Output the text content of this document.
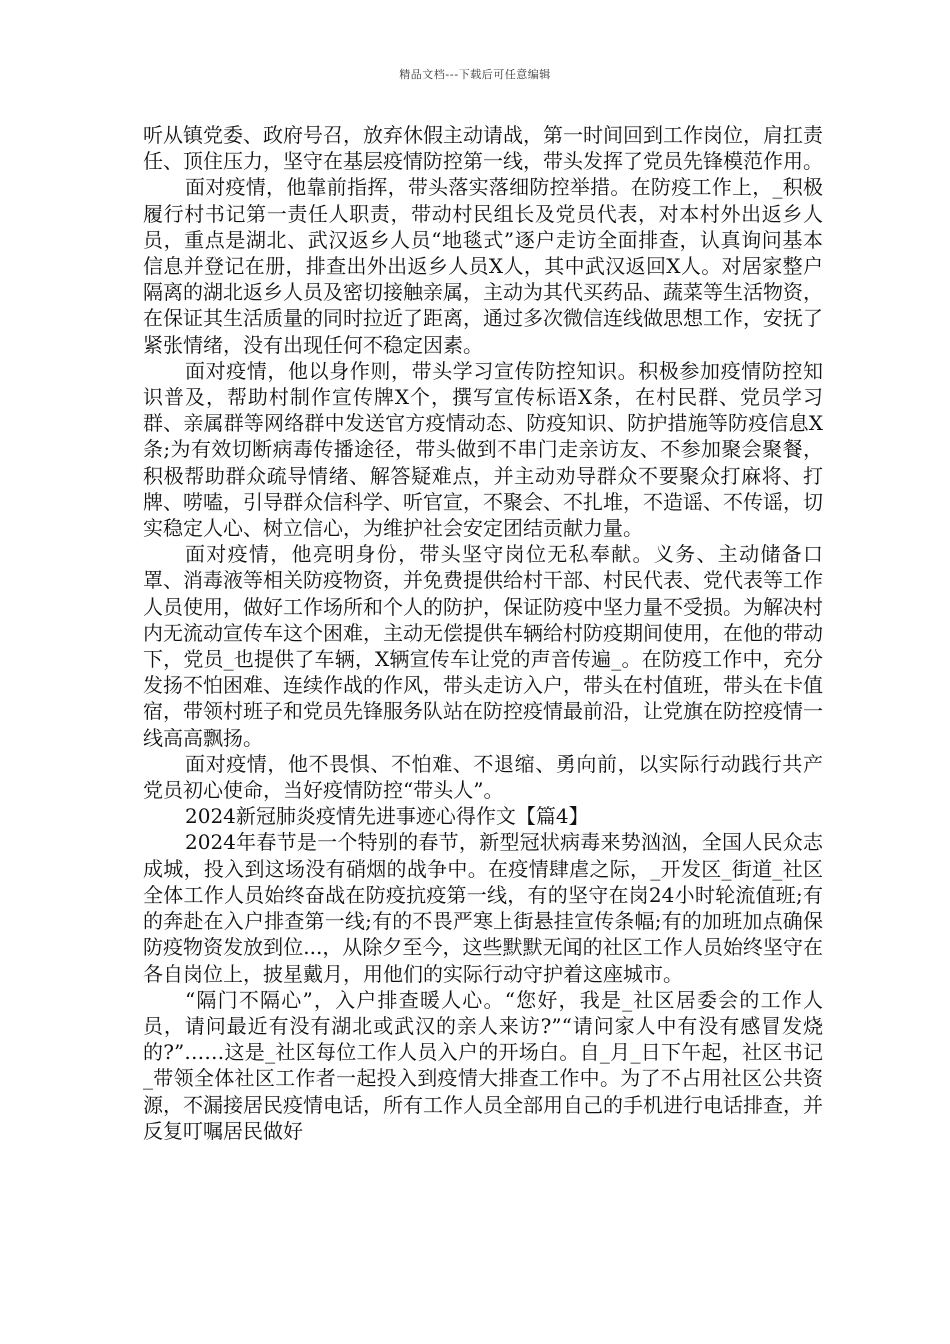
精品文档---下载后可任意编辑

听从镇党委、政府号召，放弃休假主动请战，第一时间回到工作岗位，肩扛责任、顶住压力，坚守在基层疫情防控第一线，带头发挥了党员先锋模范作用。

面对疫情，他靠前指挥，带头落实落细防控举措。在防疫工作上，_积极履行村书记第一责任人职责，带动村民组长及党员代表，对本村外出返乡人员，重点是湖北、武汉返乡人员“地毯式”逐户走访全面排查，认真询问基本信息并登记在册，排查出外出返乡人员X人，其中武汉返回X人。对居家整户隔离的湖北返乡人员及密切接触亲属，主动为其代买药品、蔬菜等生活物资，在保证其生活质量的同时拉近了距离，通过多次微信连线做思想工作，安抚了紧张情绪，没有出现任何不稳定因素。

面对疫情，他以身作则，带头学习宣传防控知识。积极参加疫情防控知识普及，帮助村制作宣传牌X个，撰写宣传标语X条，在村民群、党员学习群、亲属群等网络群中发送官方疫情动态、防疫知识、防护措施等防疫信息X条;为有效切断病毒传播途径，带头做到不串门走亲访友、不参加聚会聚餐，积极帮助群众疏导情绪、解答疑难点，并主动劝导群众不要聚众打麻将、打牌、唠嗑，引导群众信科学、听官宣，不聚会、不扎堆，不造谣、不传谣，切实稳定人心、树立信心，为维护社会安定团结贡献力量。

面对疫情，他亮明身份，带头坚守岗位无私奉献。义务、主动储备口罩、消毒液等相关防疫物资，并免费提供给村干部、村民代表、党代表等工作人员使用，做好工作场所和个人的防护，保证防疫中坚力量不受损。为解决村内无流动宣传车这个困难，主动无偿提供车辆给村防疫期间使用，在他的带动下，党员_也提供了车辆，X辆宣传车让党的声音传遍_。在防疫工作中，充分发扬不怕困难、连续作战的作风，带头走访入户，带头在村值班，带头在卡值宿，带领村班子和党员先锋服务队站在防控疫情最前沿，让党旗在防控疫情一线高高飘扬。

面对疫情，他不畏惧、不怕难、不退缩、勇向前，以实际行动践行共产党员初心使命，当好疫情防控“带头人”。

2024新冠肺炎疫情先进事迹心得作文【篇4】

2024年春节是一个特别的春节，新型冠状病毒来势汹汹，全国人民众志成城，投入到这场没有硝烟的战争中。在疫情肆虐之际，_开发区_街道_社区全体工作人员始终奋战在防疫抗疫第一线，有的坚守在岗24小时轮流值班;有的奔赴在入户排查第一线;有的不畏严寒上街悬挂宣传条幅;有的加班加点确保防疫物资发放到位...，从除夕至今，这些默默无闻的社区工作人员始终坚守在各自岗位上，披星戴月，用他们的实际行动守护着这座城市。

“隔门不隔心”，入户排查暖人心。“您好，我是_社区居委会的工作人员，请问最近有没有湖北或武汉的亲人来访?”“请问家人中有没有感冒发烧的?”……这是_社区每位工作人员入户的开场白。自_月_日下午起，社区书记_带领全体社区工作者一起投入到疫情大排查工作中。为了不占用社区公共资源，不漏接居民疫情电话，所有工作人员全部用自己的手机进行电话排查，并反复叮嘱居民做好
